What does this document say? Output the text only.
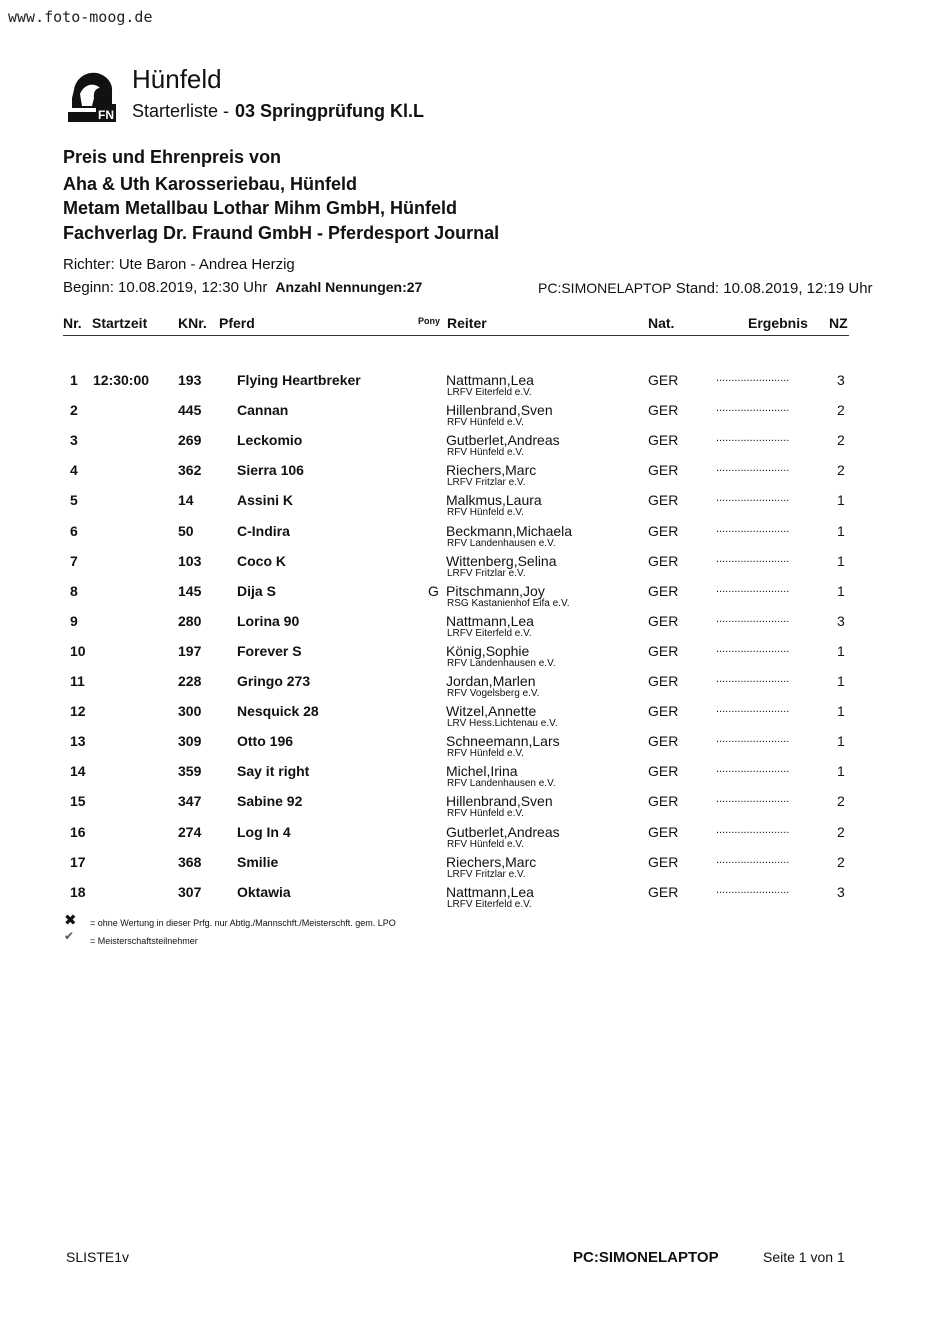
www.foto-moog.de
FN
Hünfeld
Starterliste - 03 Springprüfung Kl.L
Preis und Ehrenpreis von
Aha & Uth Karosseriebau, Hünfeld
Metam Metallbau Lothar Mihm GmbH, Hünfeld
Fachverlag Dr. Fraund GmbH - Pferdesport Journal
Richter: Ute Baron - Andrea Herzig
Beginn: 10.08.2019, 12:30 Uhr Anzahl Nennungen:27	PC:SIMONELAPTOP Stand: 10.08.2019, 12:19 Uhr
Nr. Startzeit KNr. Pferd	Pony Reiter	Nat.	Ergebnis NZ
1 12:30:00 193	Flying Heartbreker	Nattmann,Lea
LRFV Eiterfeld e.V.
GER	........................	3
2	445	Cannan	Hillenbrand,Sven
RFV Hünfeld e.V.
GER	........................	2
3	269	Leckomio	Gutberlet,Andreas
RFV Hünfeld e.V.
GER	........................	2
4	362	Sierra 106	Riechers,Marc
LRFV Fritzlar e.V.
GER	........................	2
5	14	Assini K	Malkmus,Laura
RFV Hünfeld e.V.
GER	........................	1
6	50	C-Indira	Beckmann,Michaela
RFV Landenhausen e.V.
GER	........................	1
7	103	Coco K	Wittenberg,Selina
LRFV Fritzlar e.V.
GER	........................	1
8	145	Dija S	G Pitschmann,Joy
RSG Kastanienhof Eifa e.V.
GER	........................	1
9	280	Lorina 90	Nattmann,Lea
LRFV Eiterfeld e.V.
GER	........................	3
10	197	Forever S	König,Sophie
RFV Landenhausen e.V.
GER	........................	1
11	228	Gringo 273	Jordan,Marlen
RFV Vogelsberg e.V.
GER	........................	1
12	300	Nesquick 28	Witzel,Annette
LRV Hess.Lichtenau e.V.
GER	........................	1
13	309	Otto 196	Schneemann,Lars
RFV Hünfeld e.V.
GER	........................	1
14	359	Say it right	Michel,Irina
RFV Landenhausen e.V.
GER	........................	1
15	347	Sabine 92	Hillenbrand,Sven
RFV Hünfeld e.V.
GER	........................	2
16	274	Log In 4	Gutberlet,Andreas
RFV Hünfeld e.V.
GER	........................	2
17	368	Smilie	Riechers,Marc
LRFV Fritzlar e.V.
GER	........................	2
18	307	Oktawia	Nattmann,Lea
LRFV Eiterfeld e.V.
GER	........................	3
✖ = ohne Wertung in dieser Prfg. nur Abtlg./Mannschft./Meisterschft. gem. LPO
✔ = Meisterschaftsteilnehmer
SLISTE1v	PC:SIMONELAPTOP	Seite 1 von 1
